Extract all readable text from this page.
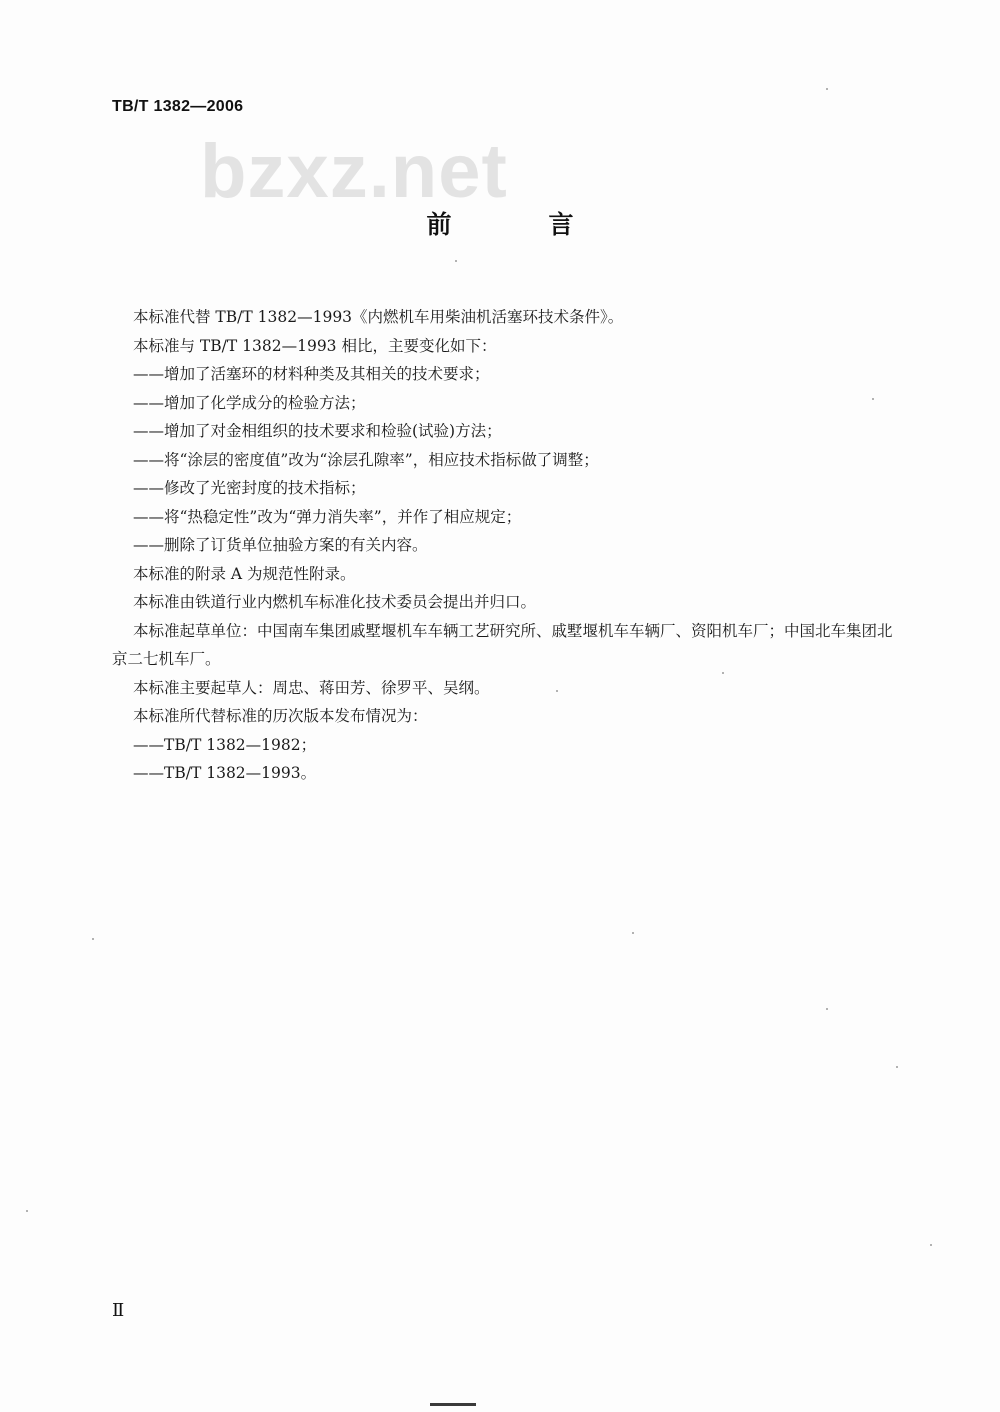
TB/T 1382—2006
bzxz.net
前　言

本标准代替 TB/T 1382—1993《内燃机车用柴油机活塞环技术条件》。

本标准与 TB/T 1382—1993 相比，主要变化如下：

——增加了活塞环的材料种类及其相关的技术要求；

——增加了化学成分的检验方法；

——增加了对金相组织的技术要求和检验(试验)方法；

——将“涂层的密度值”改为“涂层孔隙率”，相应技术指标做了调整；

——修改了光密封度的技术指标；

——将“热稳定性”改为“弹力消失率”，并作了相应规定；

——删除了订货单位抽验方案的有关内容。

本标准的附录 A 为规范性附录。

本标准由铁道行业内燃机车标准化技术委员会提出并归口。

本标准起草单位：中国南车集团戚墅堰机车车辆工艺研究所、戚墅堰机车车辆厂、资阳机车厂；中国北车集团北京二七机车厂。

本标准主要起草人：周忠、蒋田芳、徐罗平、吴纲。

本标准所代替标准的历次版本发布情况为：

——TB/T 1382—1982；

——TB/T 1382—1993。

Ⅱ
